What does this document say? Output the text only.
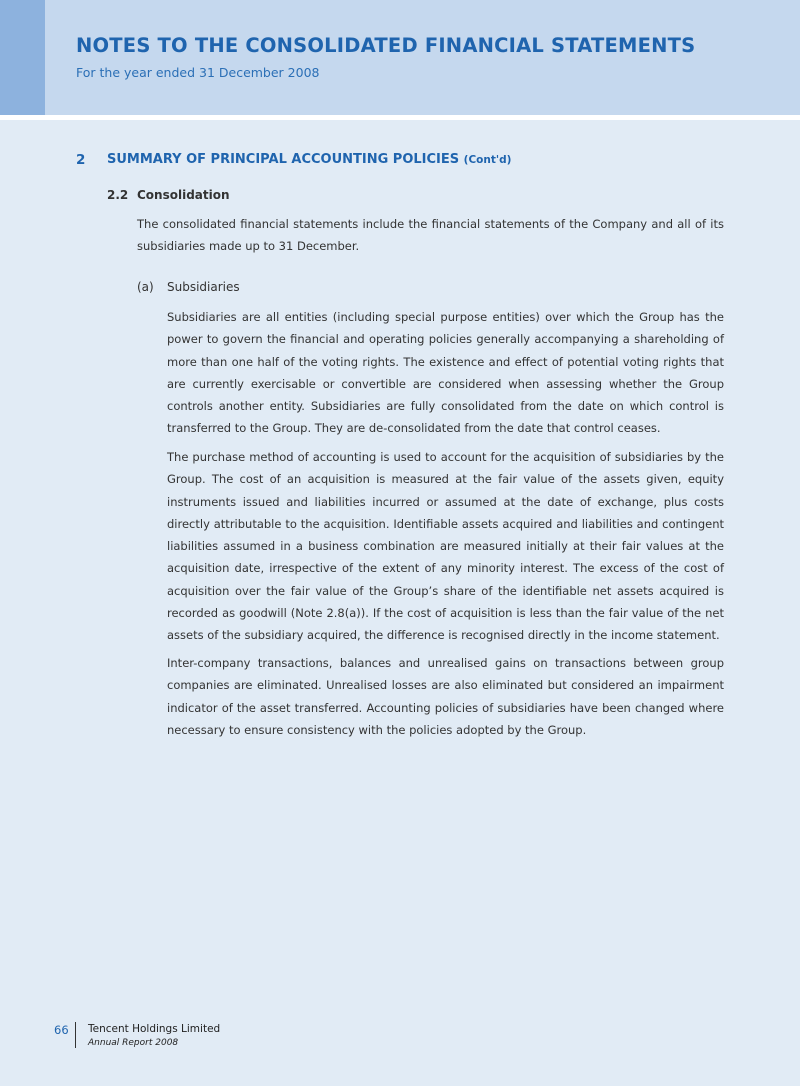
NOTES TO THE CONSOLIDATED FINANCIAL STATEMENTS
For the year ended 31 December 2008
2 SUMMARY OF PRINCIPAL ACCOUNTING POLICIES (Cont'd)
2.2 Consolidation

The consolidated financial statements include the financial statements of the Company and all of its subsidiaries made up to 31 December.

(a) Subsidiaries

Subsidiaries are all entities (including special purpose entities) over which the Group has the power to govern the financial and operating policies generally accompanying a shareholding of more than one half of the voting rights. The existence and effect of potential voting rights that are currently exercisable or convertible are considered when assessing whether the Group controls another entity. Subsidiaries are fully consolidated from the date on which control is transferred to the Group. They are de-consolidated from the date that control ceases.

The purchase method of accounting is used to account for the acquisition of subsidiaries by the Group. The cost of an acquisition is measured at the fair value of the assets given, equity instruments issued and liabilities incurred or assumed at the date of exchange, plus costs directly attributable to the acquisition. Identifiable assets acquired and liabilities and contingent liabilities assumed in a business combination are measured initially at their fair values at the acquisition date, irrespective of the extent of any minority interest. The excess of the cost of acquisition over the fair value of the Group’s share of the identifiable net assets acquired is recorded as goodwill (Note 2.8(a)). If the cost of acquisition is less than the fair value of the net assets of the subsidiary acquired, the difference is recognised directly in the income statement.

Inter-company transactions, balances and unrealised gains on transactions between group companies are eliminated. Unrealised losses are also eliminated but considered an impairment indicator of the asset transferred. Accounting policies of subsidiaries have been changed where necessary to ensure consistency with the policies adopted by the Group.

66 Tencent Holdings Limited
Annual Report 2008
